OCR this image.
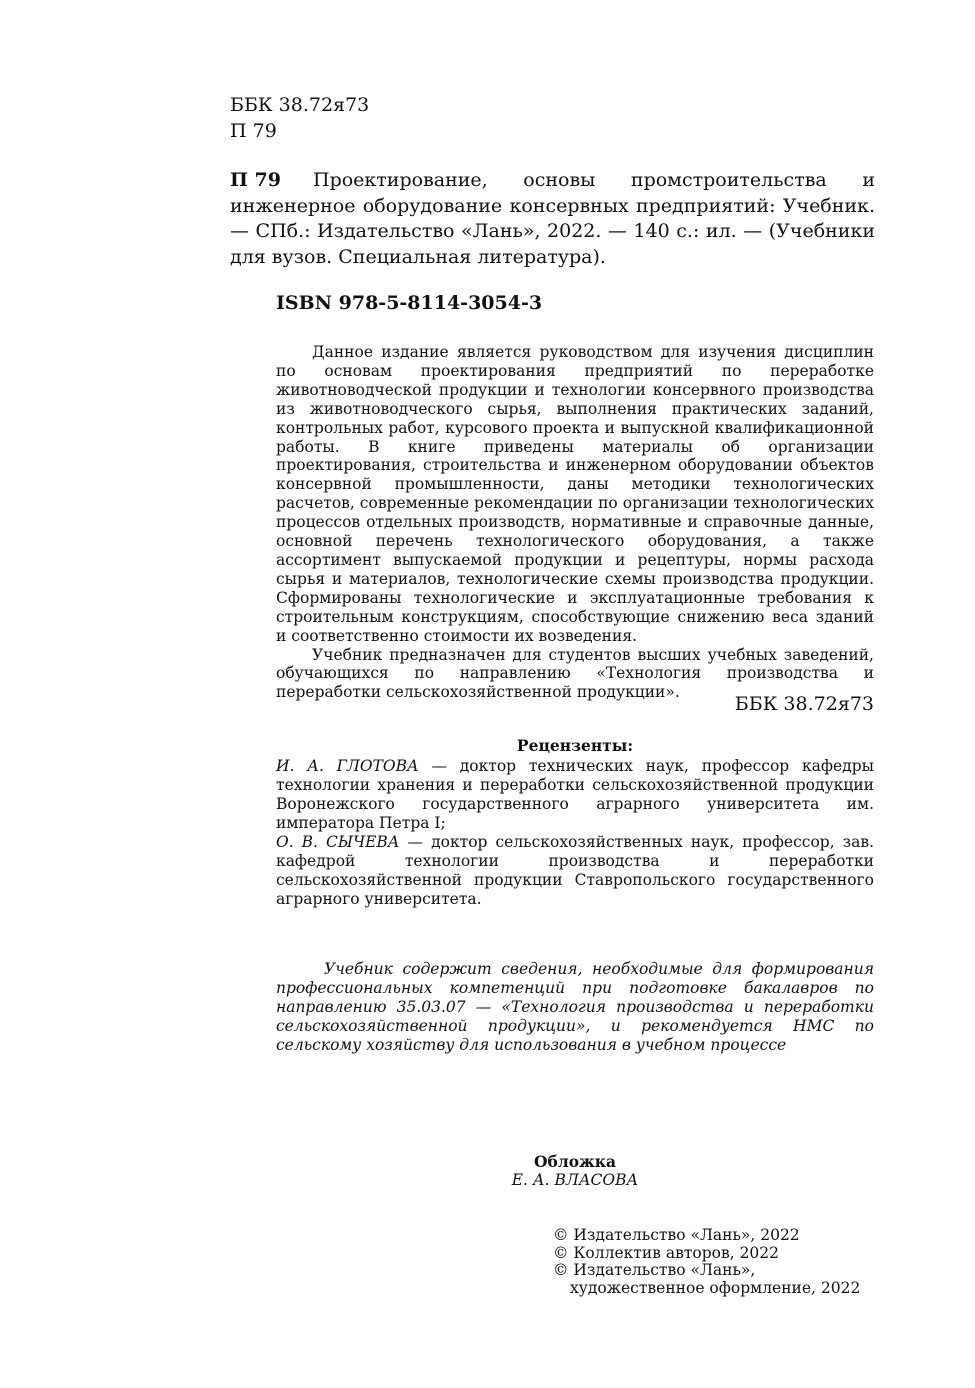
ББК 38.72я73
П 79
П 79	Проектирование, основы промстроительства и инженерное оборудование консервных предприятий: Учебник. — СПб.: Издательство «Лань», 2022. — 140 с.: ил. — (Учебники для вузов. Специальная литература).
ISBN 978-5-8114-3054-3

Данное издание является руководством для изучения дисциплин по основам проектирования предприятий по переработке животноводческой продукции и технологии консервного производства из животноводческого сырья, выполнения практических заданий, контрольных работ, курсового проекта и выпускной квалификационной работы. В книге приведены материалы об организации проектирования, строительства и инженерном оборудовании объектов консервной промышленности, даны методики технологических расчетов, современные рекомендации по организации технологических процессов отдельных производств, нормативные и справочные данные, основной перечень технологического оборудования, а также ассортимент выпускаемой продукции и рецептуры, нормы расхода сырья и материалов, технологические схемы производства продукции. Сформированы технологические и эксплуатационные требования к строительным конструкциям, способствующие снижению веса зданий и соответственно стоимости их возведения.

Учебник предназначен для студентов высших учебных заведений, обучающихся по направлению «Технология производства и переработки сельскохозяйственной продукции».

ББК 38.72я73
Рецензенты:

И. А. ГЛОТОВА — доктор технических наук, профессор кафедры технологии хранения и переработки сельскохозяйственной продукции Воронежского государственного аграрного университета им. императора Петра I;

О. В. СЫЧЕВА — доктор сельскохозяйственных наук, профессор, зав. кафедрой технологии производства и переработки сельскохозяйственной продукции Ставропольского государственного аграрного университета.

Учебник содержит сведения, необходимые для формирования профессиональных компетенций при подготовке бакалавров по направлению 35.03.07 — «Технология производства и переработки сельскохозяйственной продукции», и рекомендуется НМС по сельскому хозяйству для использования в учебном процессе
Обложка
Е. А. ВЛАСОВА
© Издательство «Лань», 2022
© Коллектив авторов, 2022
© Издательство «Лань»,
художественное оформление, 2022
